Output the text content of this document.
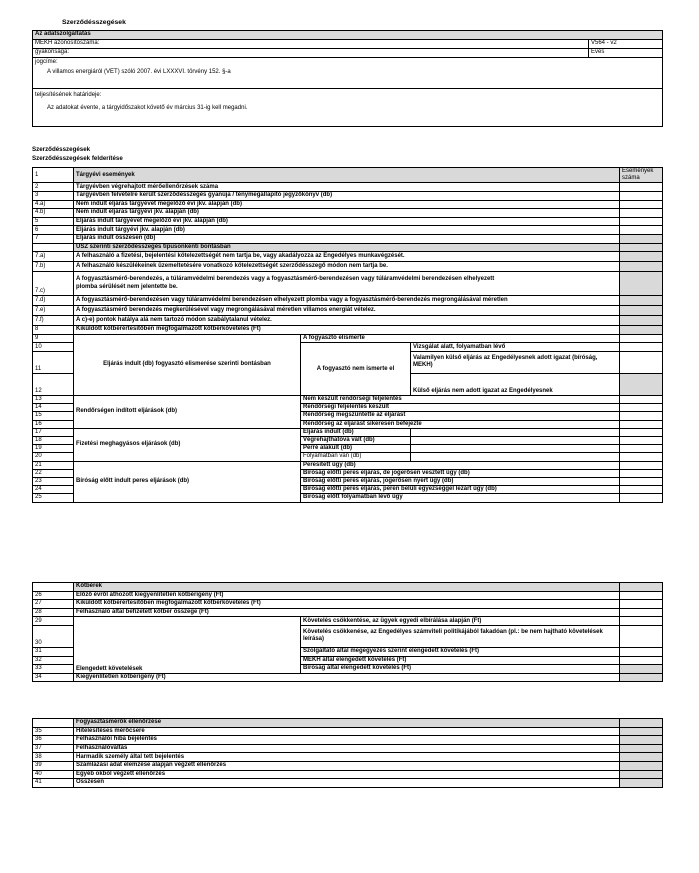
Szerződésszegések
Az adatszolgáltatás	
MEKH azonosítószáma:	V564 - v2
gyakorisága:	Éves

jogcíme:
A villamos energiáról (VET) szóló 2007. évi LXXXVI. törvény 152. §-a	

teljesítésének határideje:
Az adatokat évente, a tárgyidőszakot követő év március 31-ig kell megadni.	
Szerződésszegések
Szerződésszegések felderítése
1	Tárgyévi események			Események száma
2	Tárgyévben végrehajtott mérőellenőrzések száma			
3	Tárgyévben felvételre került szerződésszegés gyanúja / ténymegállapító jegyzőkönyv (db)			
4.a)	Nem indult eljárás tárgyévet megelőző évi jkv. alapján (db)			
4.b)	Nem indult eljárás tárgyévi jkv. alapján (db)			
5	Eljárás indult tárgyévet megelőző évi jkv. alapján (db)			
6	Eljárás indult tárgyévi jkv. alapján (db)			
7	Eljárás indult összesen (db)			
	ÜSZ szerinti szerződésszegés típusonkénti bontásban			
7.a)	A felhasználó a fizetési, bejelentési kötelezettségét nem tartja be, vagy akadályozza az Engedélyes munkavégzését.			
7.b)	A felhasználó készülékeinek üzemeltetésére vonatkozó kötelezettségét szerződésszegő módon nem tartja be.			
7.c)	A fogyasztásmérő-berendezés, a túláramvédelmi berendezés vagy a fogyasztásmérő-berendezésen vagy túláramvédelmi berendezésen elhelyezett
plomba sérülését nem jelentette be.			

7.d)	A fogyasztásmérő-berendezésen vagy túláramvédelmi berendezésen elhelyezett plomba vagy a fogyasztásmérő-berendezés megrongálásával méretlen			
7.e)	A fogyasztásmérő berendezés megkerülésével vagy megrongálásával méretlen villamos energiát vételez.			
7.f)	A c)-e) pontok hatálya alá nem tartozó módon szabálytalanul vételez.			
8	Kiküldött kötbérértesítőben megfogalmazott kötbérkövetelés (Ft)			
9	Eljárás indult (db) fogyasztó elismerése szerinti bontásban	A fogyasztó elismerte		
10		A fogyasztó nem ismerte el	Vizsgálat alatt, folyamatban lévő	
11			Valamilyen külső eljárás az Engedélyesnek adott igazat (bíróság, MEKH)	
12			Külső eljárás nem adott igazat az Engedélyesnek	
13	Rendőrségen indított eljárások (db)	Nem készült rendőrségi feljelentés		
14		Rendőrségi feljelentés készült		
15		Rendőrség megszüntette az eljárást		
16		Rendőrség az eljárást sikeresen befejezte		
17	Fizetési meghagyásos eljárások (db)	Eljárás indult (db)		
18		Végrehajthatóvá vált (db)		
19		Perré alakult (db)		
20		Folyamatban van (db)		
21	Bíróság előtt indult peres eljárások (db)	Peresített ügy (db)		
22		Bíróság előtti peres eljárás, de jogerősen vesztett ügy (db)		
23		Bíróság előtti peres eljárás, jogerősen nyert ügy (db)		
24		Bíróság előtti peres eljárás, peren belüli egyezséggel lezárt ügy (db)		
25		Bíróság előtt folyamatban lévő ügy		
	Kötbérek		
26	Előző évről áthozott kiegyenlítetlen kötbérigény (Ft)		
27	Kiküldött kötbérértesítőben megfogalmazott kötbérkövetelés (Ft)		
28	Felhasználó által befizetett kötbér összege (Ft)		
29	Elengedett követelések	Követelés csökkentése, az ügyek egyedi elbírálása alapján (Ft)	
30		Követelés csökkenése, az Engedélyes számviteli politikájából fakadóan (pl.: be nem hajtható követelések leírása)	
31		Szolgáltató által megegyezés szerint elengedett követelés (Ft)	
32		MEKH által elengedett követelés (Ft)	
33		Bíróság által elengedett követelés (Ft)	
34	Kiegyenlítetlen kötbérigény (Ft)		
	Fogyasztásmérők ellenőrzése	
35	Hitelesítéses mérőcsere	
36	Felhasználói hiba bejelentés	
37	Felhasználóváltás	
38	Harmadik személy által tett bejelentés	
39	Számlázási adat elemzése alapján végzett ellenőrzés	
40	Egyéb okból végzett ellenőrzés	
41	Összesen	
